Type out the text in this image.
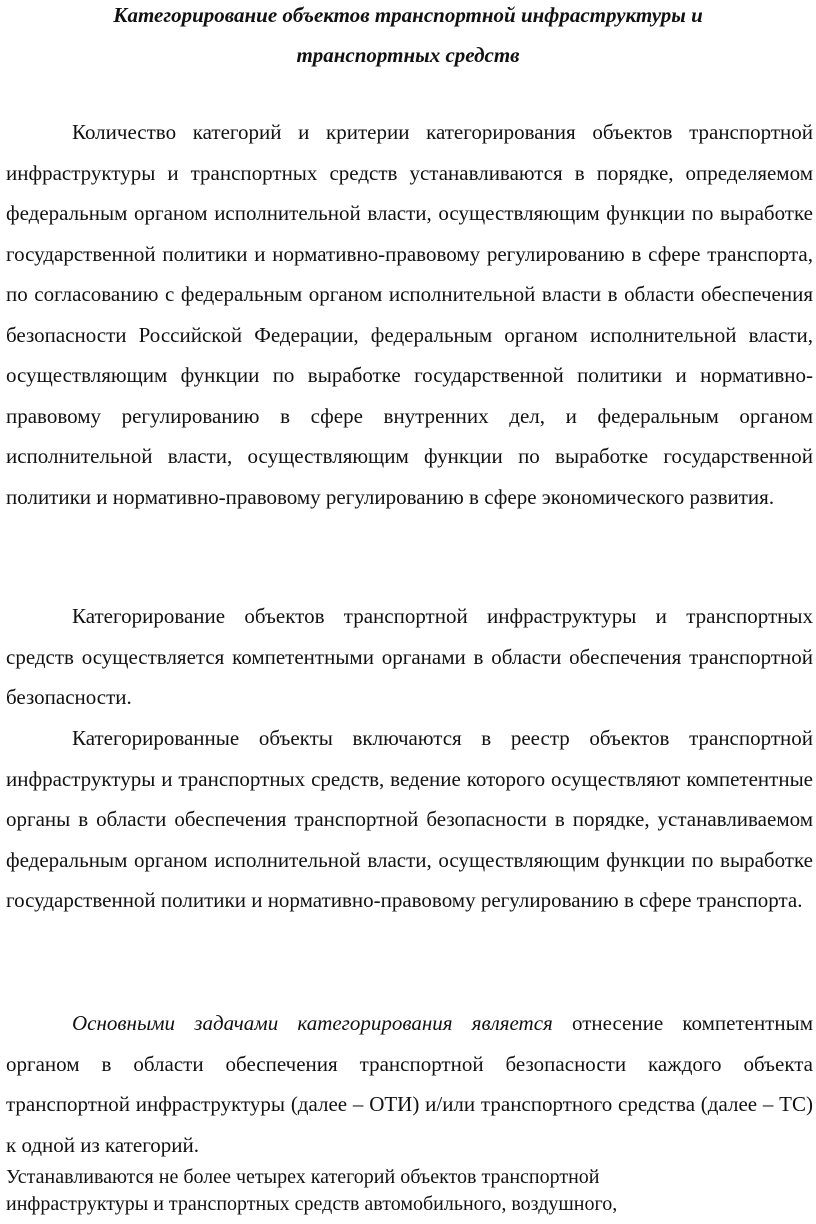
Категорирование объектов транспортной инфраструктуры и
транспортных средств

Количество категорий и критерии категорирования объектов транспортной инфраструктуры и транспортных средств устанавливаются в порядке, определяемом федеральным органом исполнительной власти, осуществляющим функции по выработке государственной политики и нормативно-правовому регулированию в сфере транспорта, по согласованию с федеральным органом исполнительной власти в области обеспечения безопасности Российской Федерации, федеральным органом исполнительной власти, осуществляющим функции по выработке государственной политики и нормативно-правовому регулированию в сфере внутренних дел, и федеральным органом исполнительной власти, осуществляющим функции по выработке государственной политики и нормативно-правовому регулированию в сфере экономического развития.

Категорирование объектов транспортной инфраструктуры и транспортных средств осуществляется компетентными органами в области обеспечения транспортной безопасности.

Категорированные объекты включаются в реестр объектов транспортной инфраструктуры и транспортных средств, ведение которого осуществляют компетентные органы в области обеспечения транспортной безопасности в порядке, устанавливаемом федеральным органом исполнительной власти, осуществляющим функции по выработке государственной политики и нормативно-правовому регулированию в сфере транспорта.

Основными задачами категорирования является отнесение компетентным органом в области обеспечения транспортной безопасности каждого объекта транспортной инфраструктуры (далее – ОТИ) и/или транспортного средства (далее – ТС) к одной из категорий.

Устанавливаются не более четырех категорий объектов транспортной
инфраструктуры и транспортных средств автомобильного, воздушного,
